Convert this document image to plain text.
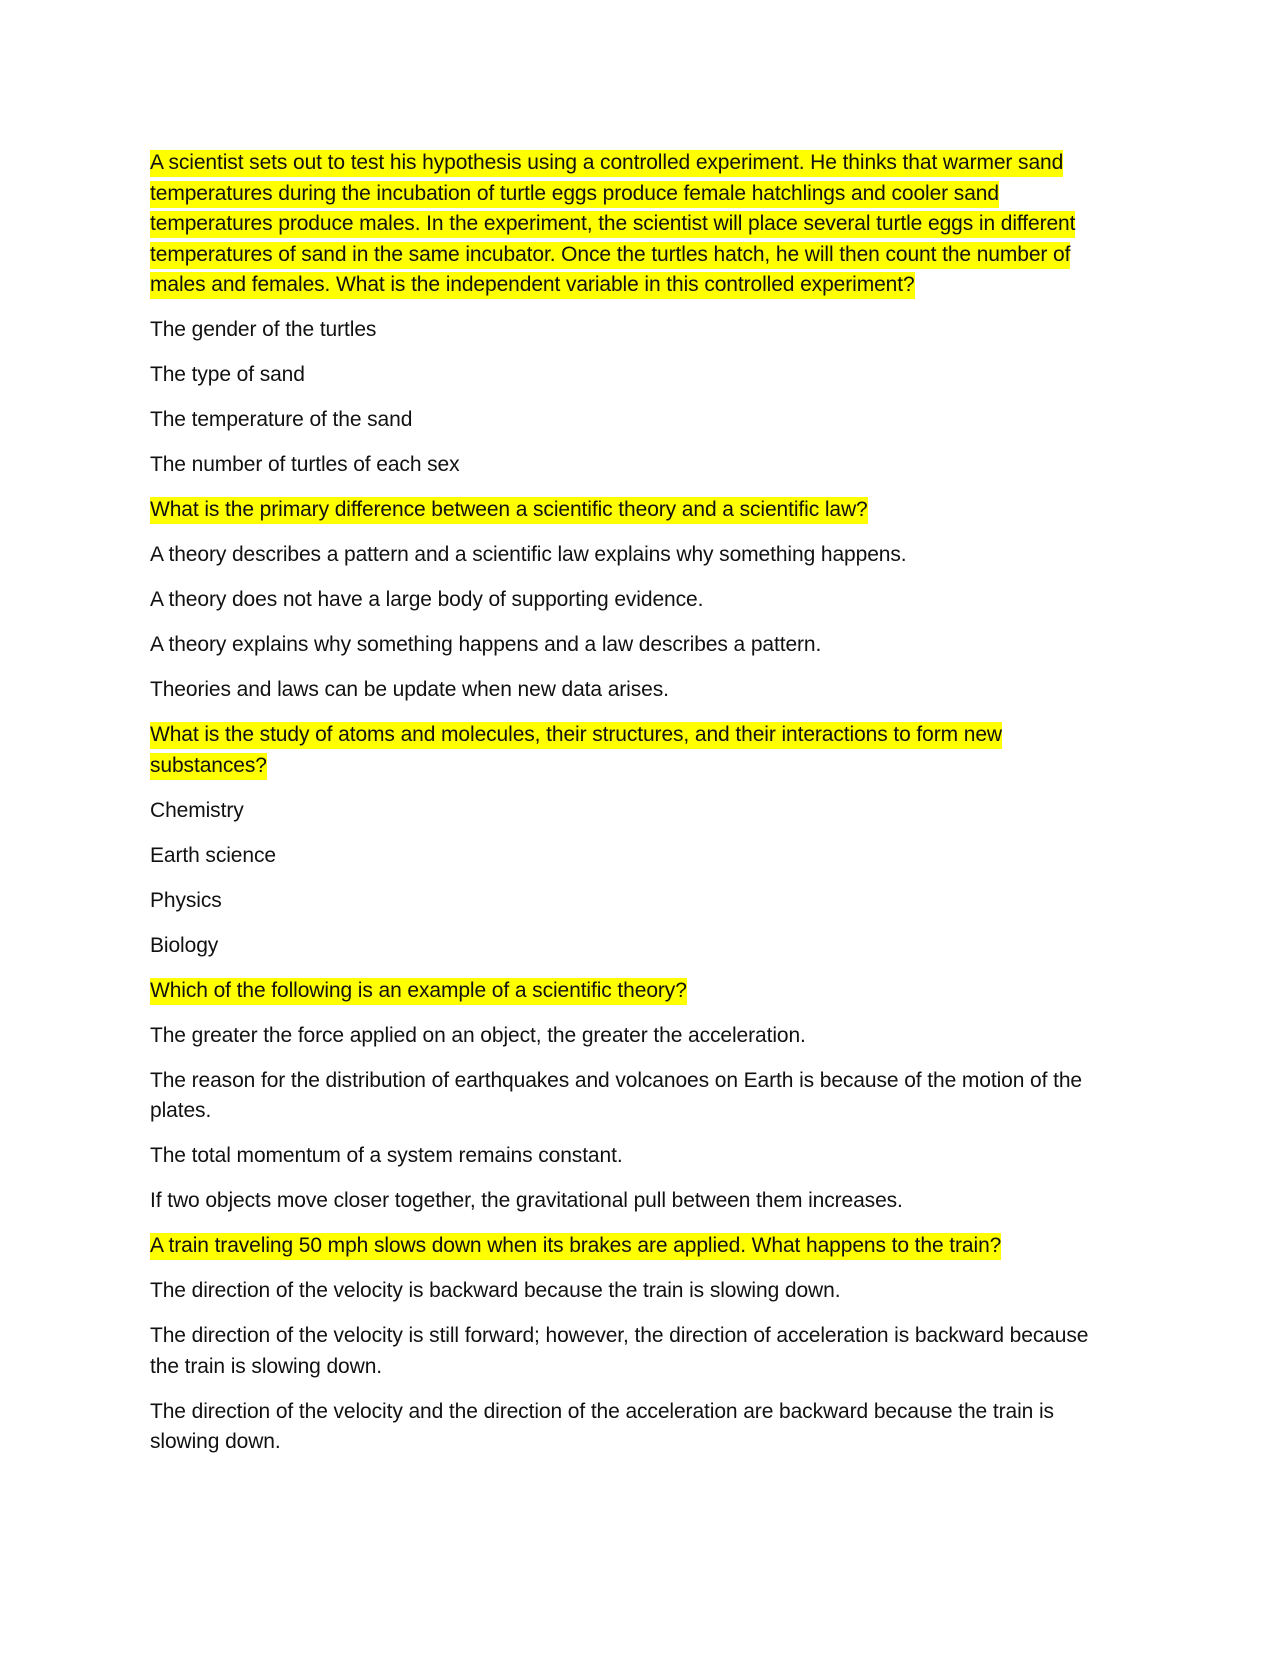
A scientist sets out to test his hypothesis using a controlled experiment. He thinks that warmer sand temperatures during the incubation of turtle eggs produce female hatchlings and cooler sand temperatures produce males. In the experiment, the scientist will place several turtle eggs in different temperatures of sand in the same incubator. Once the turtles hatch, he will then count the number of males and females. What is the independent variable in this controlled experiment?
The gender of the turtles
The type of sand
The temperature of the sand
The number of turtles of each sex
What is the primary difference between a scientific theory and a scientific law?
A theory describes a pattern and a scientific law explains why something happens.
A theory does not have a large body of supporting evidence.
A theory explains why something happens and a law describes a pattern.
Theories and laws can be update when new data arises.
What is the study of atoms and molecules, their structures, and their interactions to form new substances?
Chemistry
Earth science
Physics
Biology
Which of the following is an example of a scientific theory?
The greater the force applied on an object, the greater the acceleration.
The reason for the distribution of earthquakes and volcanoes on Earth is because of the motion of the plates.
The total momentum of a system remains constant.
If two objects move closer together, the gravitational pull between them increases.
A train traveling 50 mph slows down when its brakes are applied. What happens to the train?
The direction of the velocity is backward because the train is slowing down.
The direction of the velocity is still forward; however, the direction of acceleration is backward because the train is slowing down.
The direction of the velocity and the direction of the acceleration are backward because the train is slowing down.
